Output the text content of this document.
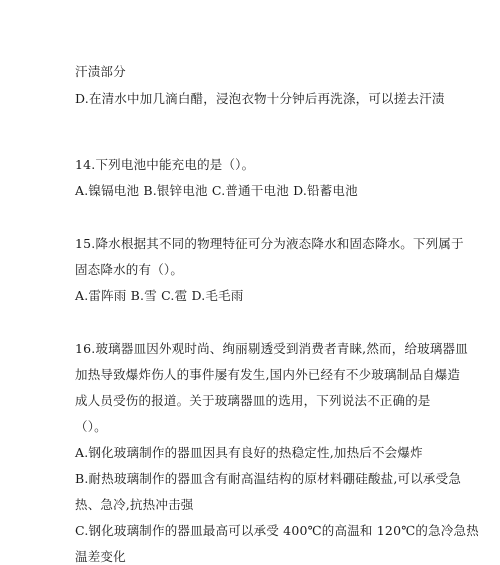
汗渍部分
D.在清水中加几滴白醋，浸泡衣物十分钟后再洗涤，可以搓去汗渍
14.下列电池中能充电的是（）。
A.镍镉电池 B.银锌电池 C.普通干电池 D.铅蓄电池
15.降水根据其不同的物理特征可分为液态降水和固态降水。下列属于
固态降水的有（）。
A.雷阵雨 B.雪 C.雹 D.毛毛雨
16.玻璃器皿因外观时尚、绚丽剔透受到消费者青睐,然而，给玻璃器皿
加热导致爆炸伤人的事件屡有发生,国内外已经有不少玻璃制品自爆造
成人员受伤的报道。关于玻璃器皿的选用，下列说法不正确的是
（）。
A.钢化玻璃制作的器皿因具有良好的热稳定性,加热后不会爆炸
B.耐热玻璃制作的器皿含有耐高温结构的原材料硼硅酸盐,可以承受急
热、急冷,抗热冲击强
C.钢化玻璃制作的器皿最高可以承受 400℃的高温和 120℃的急冷急热
温差变化
